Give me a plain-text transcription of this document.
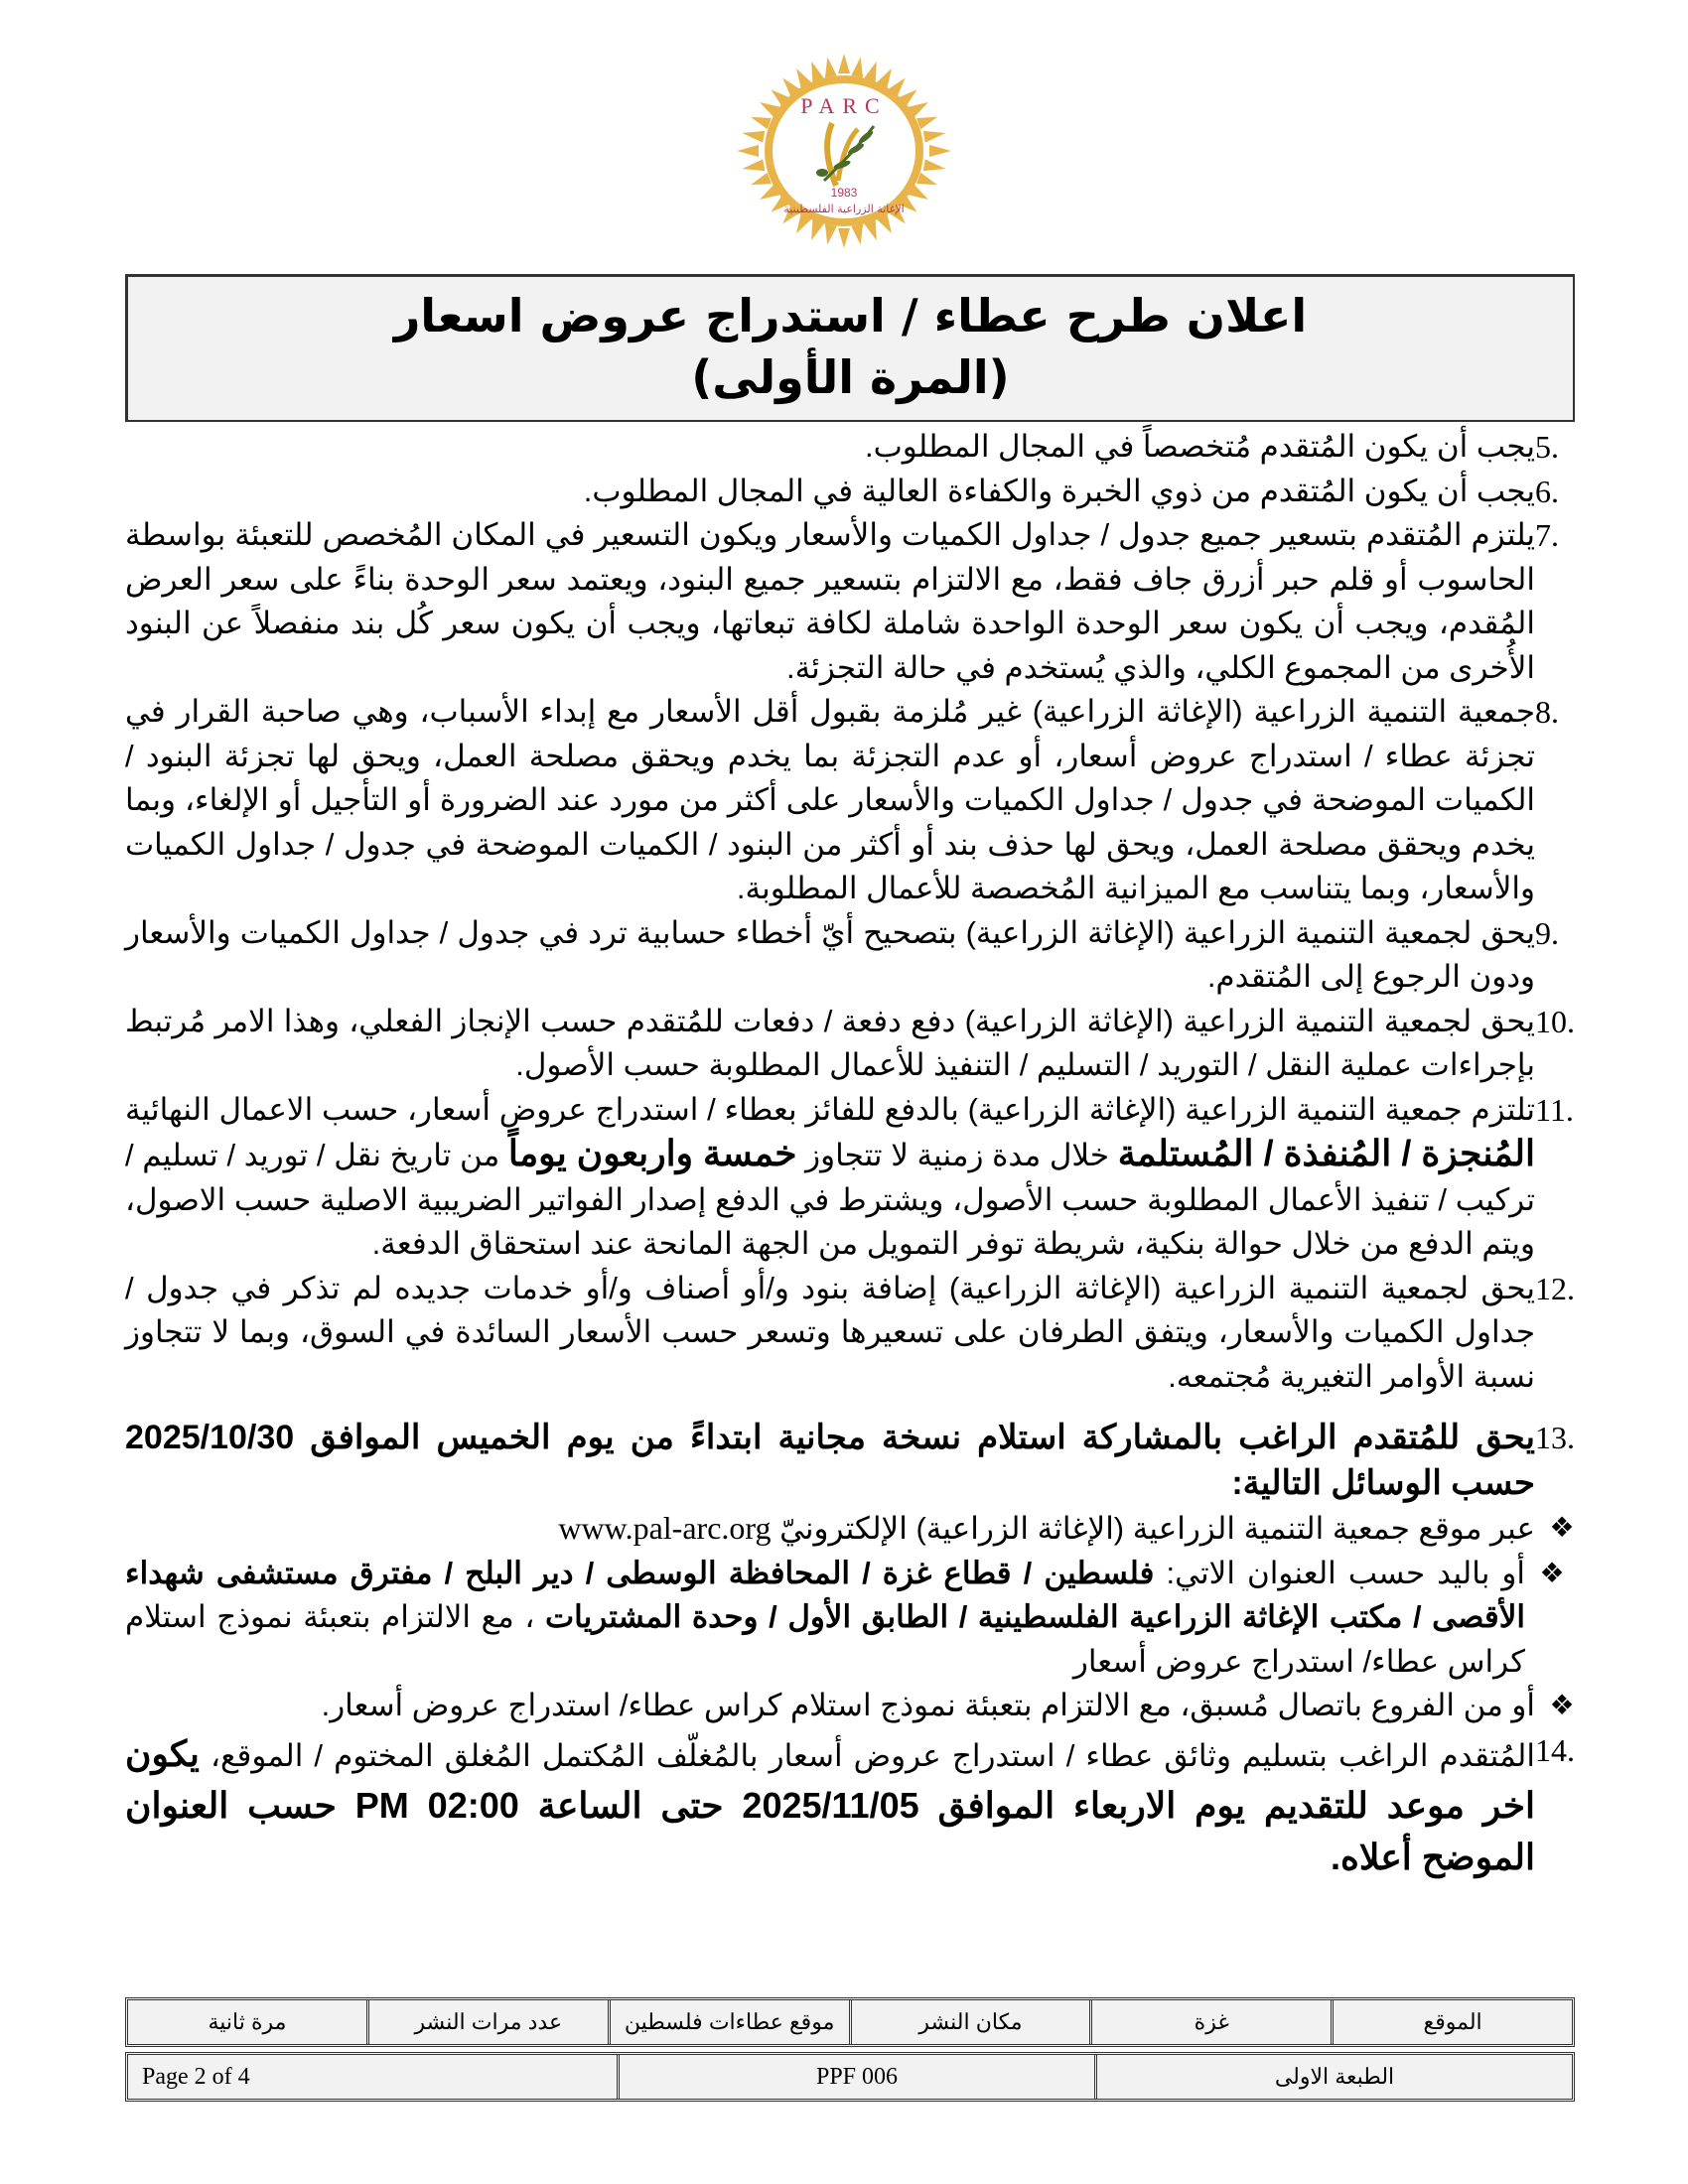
PARC
1983
الإغاثة الزراعية الفلسطينية
اعلان طرح عطاء / استدراج عروض اسعار
(المرة الأولى)
5.
يجب أن يكون المُتقدم مُتخصصاً في المجال المطلوب.
6.
يجب أن يكون المُتقدم من ذوي الخبرة والكفاءة العالية في المجال المطلوب.
7.
يلتزم المُتقدم بتسعير جميع جدول / جداول الكميات والأسعار ويكون التسعير في المكان المُخصص للتعبئة بواسطة الحاسوب أو قلم حبر أزرق جاف فقط، مع الالتزام بتسعير جميع البنود، ويعتمد سعر الوحدة بناءً على سعر العرض المُقدم، ويجب أن يكون سعر الوحدة الواحدة شاملة لكافة تبعاتها، ويجب أن يكون سعر كُل بند منفصلاً عن البنود الأُخرى من المجموع الكلي، والذي يُستخدم في حالة التجزئة.
8.
جمعية التنمية الزراعية (الإغاثة الزراعية) غير مُلزمة بقبول أقل الأسعار مع إبداء الأسباب، وهي صاحبة القرار في تجزئة عطاء / استدراج عروض أسعار، أو عدم التجزئة بما يخدم ويحقق مصلحة العمل، ويحق لها تجزئة البنود / الكميات الموضحة في جدول / جداول الكميات والأسعار على أكثر من مورد عند الضرورة أو التأجيل أو الإلغاء، وبما يخدم ويحقق مصلحة العمل، ويحق لها حذف بند أو أكثر من البنود / الكميات الموضحة في جدول / جداول الكميات والأسعار، وبما يتناسب مع الميزانية المُخصصة للأعمال المطلوبة.
9.
يحق لجمعية التنمية الزراعية (الإغاثة الزراعية) بتصحيح أيّ أخطاء حسابية ترد في جدول / جداول الكميات والأسعار ودون الرجوع إلى المُتقدم.
10.
يحق لجمعية التنمية الزراعية (الإغاثة الزراعية) دفع دفعة / دفعات للمُتقدم حسب الإنجاز الفعلي، وهذا الامر مُرتبط بإجراءات عملية النقل / التوريد / التسليم / التنفيذ للأعمال المطلوبة حسب الأصول.
11.
تلتزم جمعية التنمية الزراعية (الإغاثة الزراعية) بالدفع للفائز بعطاء / استدراج عروض أسعار، حسب الاعمال النهائية المُنجزة / المُنفذة / المُستلمة خلال مدة زمنية لا تتجاوز خمسة واربعون يوماً من تاريخ نقل / توريد / تسليم / تركيب / تنفيذ الأعمال المطلوبة حسب الأصول، ويشترط في الدفع إصدار الفواتير الضريبية الاصلية حسب الاصول، ويتم الدفع من خلال حوالة بنكية، شريطة توفر التمويل من الجهة المانحة عند استحقاق الدفعة.
12.
يحق لجمعية التنمية الزراعية (الإغاثة الزراعية) إضافة بنود و/أو أصناف و/أو خدمات جديده لم تذكر في جدول / جداول الكميات والأسعار، ويتفق الطرفان على تسعيرها وتسعر حسب الأسعار السائدة في السوق، وبما لا تتجاوز نسبة الأوامر التغيرية مُجتمعه.
13.
يحق للمُتقدم الراغب بالمشاركة استلام نسخة مجانية ابتداءً من يوم الخميس الموافق 2025/10/30 حسب الوسائل التالية:
❖
عبر موقع جمعية التنمية الزراعية (الإغاثة الزراعية) الإلكترونيّ www.pal-arc.org
❖
أو باليد حسب العنوان الاتي: فلسطين / قطاع غزة / المحافظة الوسطى / دير البلح / مفترق مستشفى شهداء الأقصى / مكتب الإغاثة الزراعية الفلسطينية / الطابق الأول / وحدة المشتريات ، مع الالتزام بتعبئة نموذج استلام كراس عطاء/ استدراج عروض أسعار
❖
أو من الفروع باتصال مُسبق، مع الالتزام بتعبئة نموذج استلام كراس عطاء/ استدراج عروض أسعار.
14.
المُتقدم الراغب بتسليم وثائق عطاء / استدراج عروض أسعار بالمُغلّف المُكتمل المُغلق المختوم / الموقع، يكون اخر موعد للتقديم يوم الاربعاء الموافق 2025/11/05 حتى الساعة 02:00 PM حسب العنوان الموضح أعلاه.
الموقع
غزة
مكان النشر
موقع عطاءات فلسطين
عدد مرات النشر
مرة ثانية
الطبعة الاولى
PPF 006
Page 2 of 4
